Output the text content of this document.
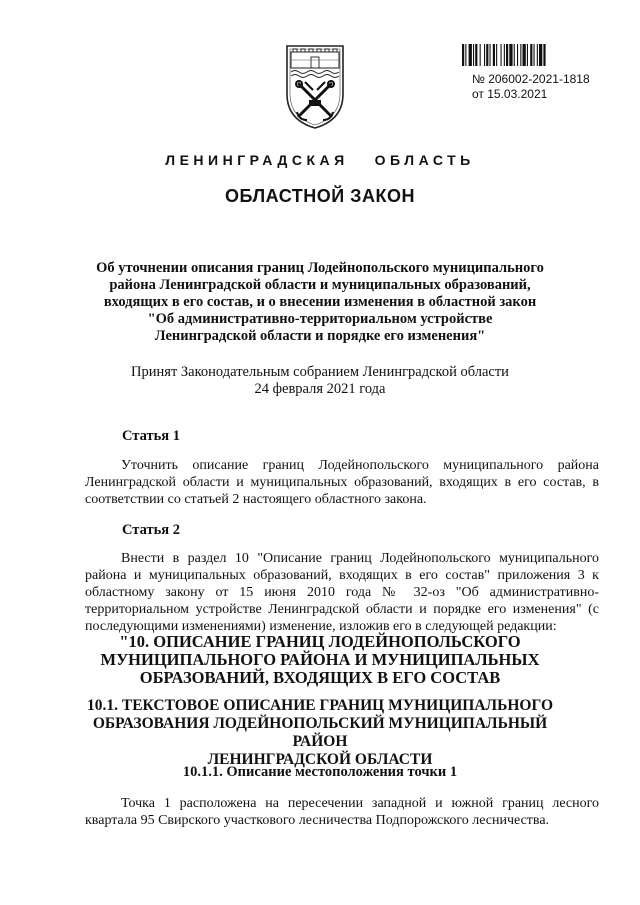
№ 206002-2021-1818
от 15.03.2021
ЛЕНИНГРАДСКАЯ ОБЛАСТЬ
ОБЛАСТНОЙ ЗАКОН
Об уточнении описания границ Лодейнопольского муниципального
района Ленинградской области и муниципальных образований,
входящих в его состав, и о внесении изменения в областной закон
"Об административно-территориальном устройстве
Ленинградской области и порядке его изменения"
Принят Законодательным собранием Ленинградской области
24 февраля 2021 года
Статья 1

Уточнить описание границ Лодейнопольского муниципального района Ленинградской области и муниципальных образований, входящих в его состав, в соответствии со статьей 2 настоящего областного закона.

Статья 2

Внести в раздел 10 "Описание границ Лодейнопольского муниципального района и муниципальных образований, входящих в его состав" приложения 3 к областному закону от 15 июня 2010 года № 32-оз "Об административно-территориальном устройстве Ленинградской области и порядке его изменения" (с последующими изменениями) изменение, изложив его в следующей редакции:

"10. ОПИСАНИЕ ГРАНИЦ ЛОДЕЙНОПОЛЬСКОГО
МУНИЦИПАЛЬНОГО РАЙОНА И МУНИЦИПАЛЬНЫХ
ОБРАЗОВАНИЙ, ВХОДЯЩИХ В ЕГО СОСТАВ
10.1. ТЕКСТОВОЕ ОПИСАНИЕ ГРАНИЦ МУНИЦИПАЛЬНОГО
ОБРАЗОВАНИЯ ЛОДЕЙНОПОЛЬСКИЙ МУНИЦИПАЛЬНЫЙ РАЙОН
ЛЕНИНГРАДСКОЙ ОБЛАСТИ
10.1.1. Описание местоположения точки 1

Точка 1 расположена на пересечении западной и южной границ лесного квартала 95 Свирского участкового лесничества Подпорожского лесничества.
